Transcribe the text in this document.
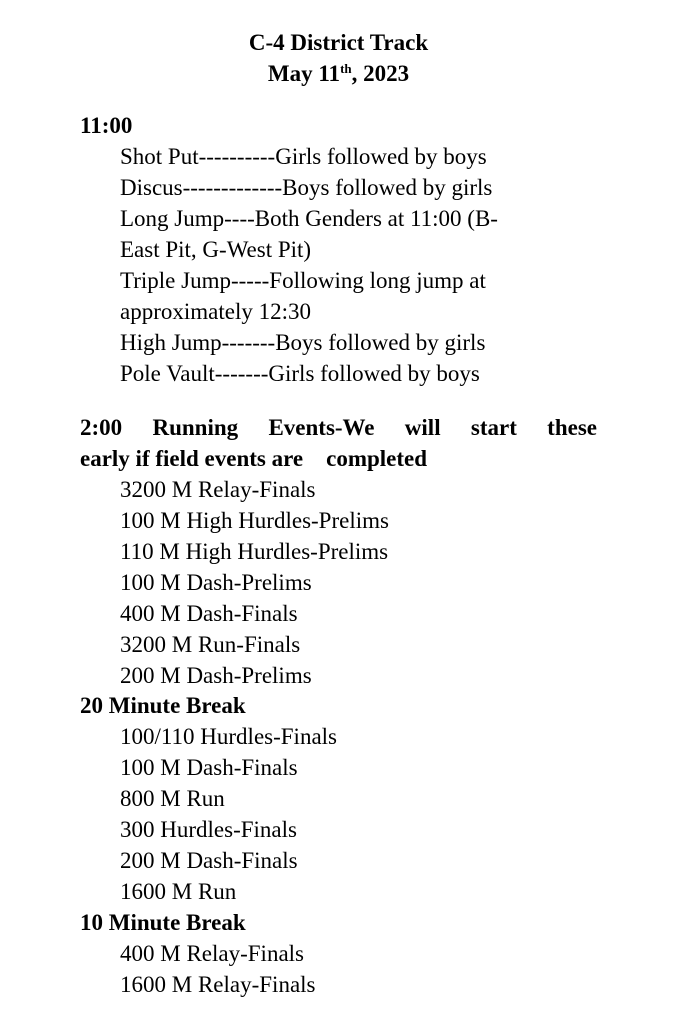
C-4 District Track
May 11th, 2023
11:00
Shot Put----------Girls followed by boys
Discus-------------Boys followed by girls
Long Jump----Both Genders at 11:00 (B-
East Pit, G-West Pit)
Triple Jump-----Following long jump at
approximately 12:30
High Jump-------Boys followed by girls
Pole Vault-------Girls followed by boys
2:00 Running Events-We will start these
early if field events are    completed
3200 M Relay-Finals
100 M High Hurdles-Prelims
110 M High Hurdles-Prelims
100 M Dash-Prelims
400 M Dash-Finals
3200 M Run-Finals
200 M Dash-Prelims
20 Minute Break
100/110 Hurdles-Finals
100 M Dash-Finals
800 M Run
300 Hurdles-Finals
200 M Dash-Finals
1600 M Run
10 Minute Break
400 M Relay-Finals
1600 M Relay-Finals
